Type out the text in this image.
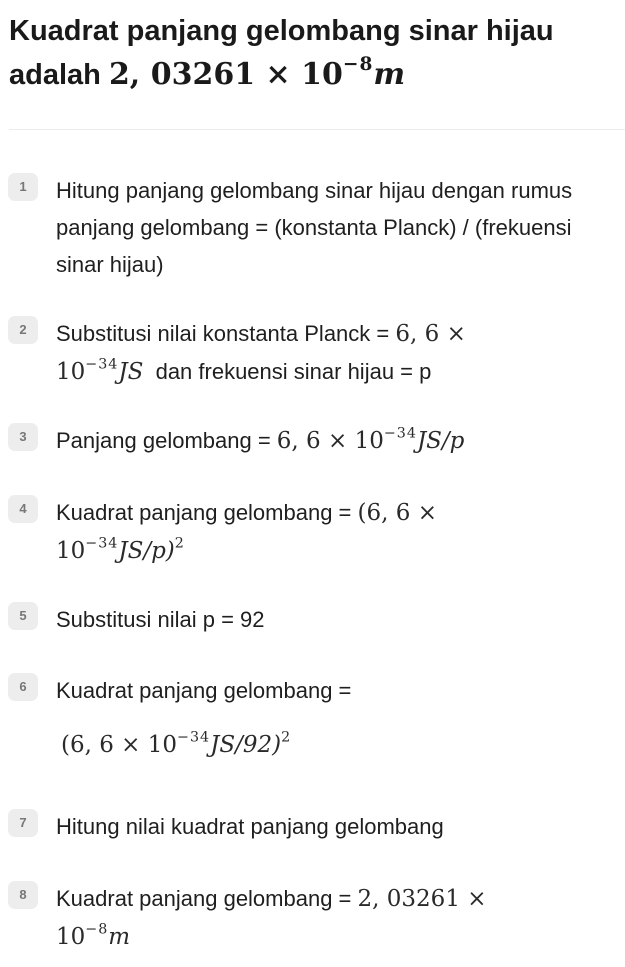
Kuadrat panjang gelombang sinar hijau adalah 2, $03261 \times 10^{-8}m$
1	Hitung panjang gelombang sinar hijau dengan rumus panjang gelombang = (konstanta Planck) / (frekuensi sinar hijau)
2	Substitusi nilai konstanta Planck = 6, 6 ×
$10^{-34}JS$ dan frekuensi sinar hijau = p
3	Panjang gelombang = 6, $6 \times 10^{-34}JS/p$
4	Kuadrat panjang gelombang = (6, 6 ×
$10^{-34}JS/p)^2$
5	Substitusi nilai p = 92
6	Kuadrat panjang gelombang =
(6, $6 \times 10^{-34}JS/92)^2$
7	Hitung nilai kuadrat panjang gelombang
8	Kuadrat panjang gelombang = 2, 03261 ×
$10^{-8}m$
